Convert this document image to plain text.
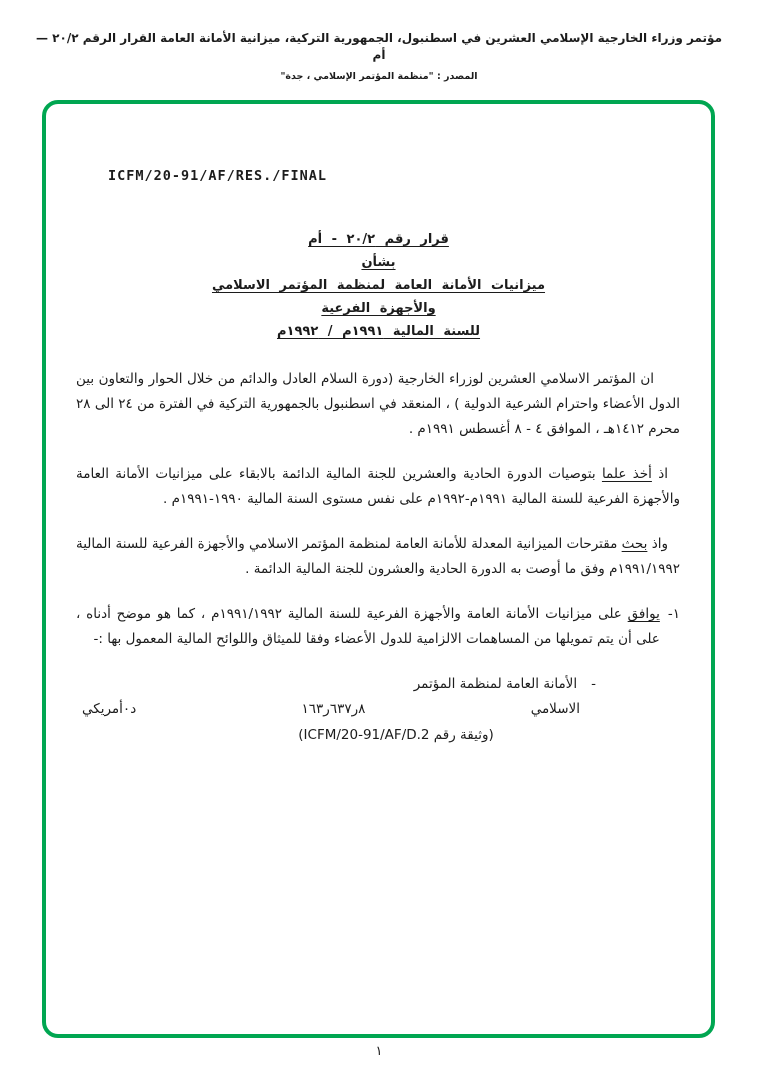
مؤتمر وزراء الخارجية الإسلامي العشرين في اسطنبول، الجمهورية التركية، ميزانية الأمانة العامة القرار الرقم ٢٠/٢ — أم
المصدر : "منظمة المؤتمر الإسلامي ، جدة"
ICFM/20-91/AF/RES./FINAL
قرار رقم ٢٠/٢ - أم
بشأن
ميزانيات الأمانة العامة لمنظمة المؤتمر الاسلامي
والأجهزة الفرعية
للسنة المالية ١٩٩١م / ١٩٩٢م

ان المؤتمر الاسلامي العشرين لوزراء الخارجية (دورة السلام العادل والدائم من خلال الحوار والتعاون بين الدول الأعضاء واحترام الشرعية الدولية ) ، المنعقد في اسطنبول بالجمهورية التركية في الفترة من ٢٤ الى ٢٨ محرم ١٤١٢هـ ، الموافق ٤ - ٨ أغسطس ١٩٩١م .

اذ أخذ علما بتوصيات الدورة الحادية والعشرين للجنة المالية الدائمة بالابقاء على ميزانيات الأمانة العامة والأجهزة الفرعية للسنة المالية ١٩٩١م-١٩٩٢م على نفس مستوى السنة المالية ١٩٩٠-١٩٩١م .

واذ بحث مقترحات الميزانية المعدلة للأمانة العامة لمنظمة المؤتمر الاسلامي والأجهزة الفرعية للسنة المالية ١٩٩١/١٩٩٢م وفق ما أوصت به الدورة الحادية والعشرون للجنة المالية الدائمة .

١-
يوافق على ميزانيات الأمانة العامة والأجهزة الفرعية للسنة المالية ١٩٩١/١٩٩٢م ، كما هو موضح أدناه ، على أن يتم تمويلها من المساهمات الالزامية للدول الأعضاء وفقا للميثاق واللوائح المالية المعمول بها :-
-
الأمانة العامة لمنظمة المؤتمر
الاسلامي
٨ر٦٣٧ر١٦٣
د٠أمريكي
(وثيقة رقم ICFM/20-91/AF/D.2)
١
